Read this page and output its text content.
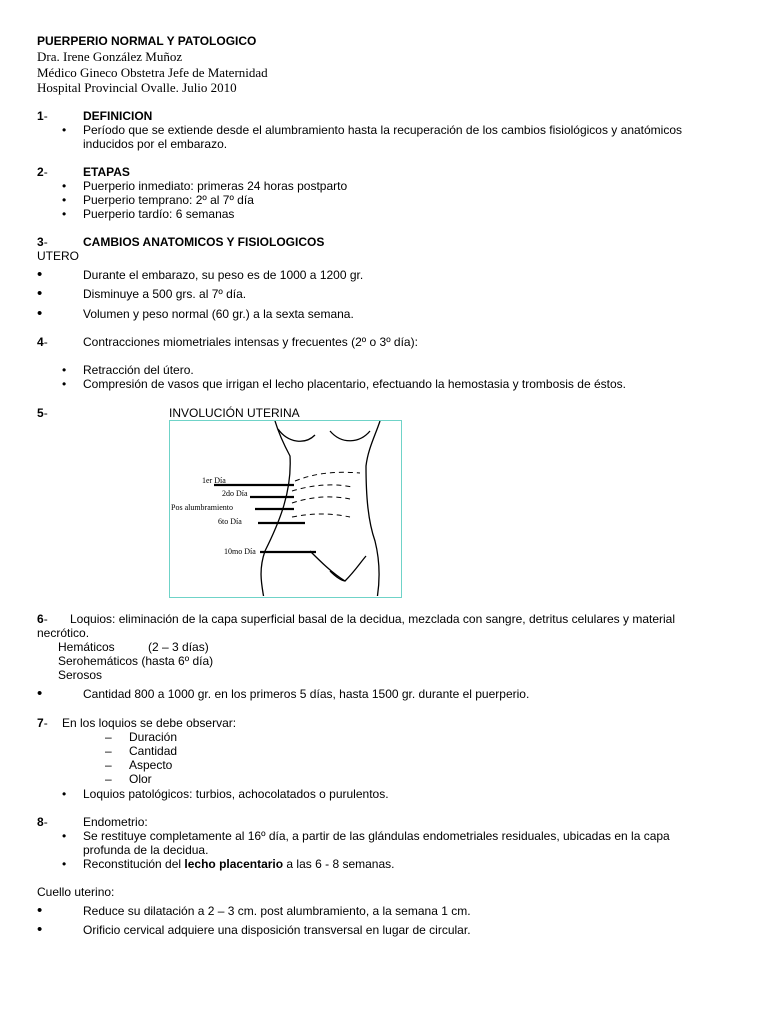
PUERPERIO NORMAL Y PATOLOGICO
Dra. Irene González Muñoz
Médico Gineco Obstetra Jefe de Maternidad
Hospital Provincial Ovalle. Julio 2010
1-	DEFINICION
• Período que se extiende desde el alumbramiento hasta la recuperación de los cambios fisiológicos y anatómicos
inducidos por el embarazo.
2-	ETAPAS
• Puerperio inmediato: primeras 24 horas postparto
• Puerperio temprano: 2º al 7º día
• Puerperio tardío: 6 semanas
3-	CAMBIOS ANATOMICOS Y FISIOLOGICOS
UTERO
•	Durante el embarazo, su peso es de 1000 a 1200 gr.
•	Disminuye a 500 grs. al 7º día.
•	Volumen y peso normal (60 gr.) a la sexta semana.
4-	Contracciones miometriales intensas y frecuentes (2º o 3º día):
• Retracción del útero.
• Compresión de vasos que irrigan el lecho placentario, efectuando la hemostasia y trombosis de éstos.
5-	INVOLUCIÓN UTERINA
1er Día
2do Día
Pos alumbramiento
6to Día
10mo Día
6- Loquios: eliminación de la capa superficial basal de la decidua, mezclada con sangre, detritus celulares y material
necrótico.
Hemáticos	(2 – 3 días)
Serohemáticos (hasta 6º día)
Serosos
•	Cantidad 800 a 1000 gr. en los primeros 5 días, hasta 1500 gr. durante el puerperio.
7- En los loquios se debe observar:
– Duración
– Cantidad
– Aspecto
– Olor
• Loquios patológicos: turbios, achocolatados o purulentos.
8-	Endometrio:
• Se restituye completamente al 16º día, a partir de las glándulas endometriales residuales, ubicadas en la capa
profunda de la decidua.
• Reconstitución del lecho placentario a las 6 - 8 semanas.
Cuello uterino:
•	Reduce su dilatación a 2 – 3 cm. post alumbramiento, a la semana 1 cm.
•	Orificio cervical adquiere una disposición transversal en lugar de circular.
